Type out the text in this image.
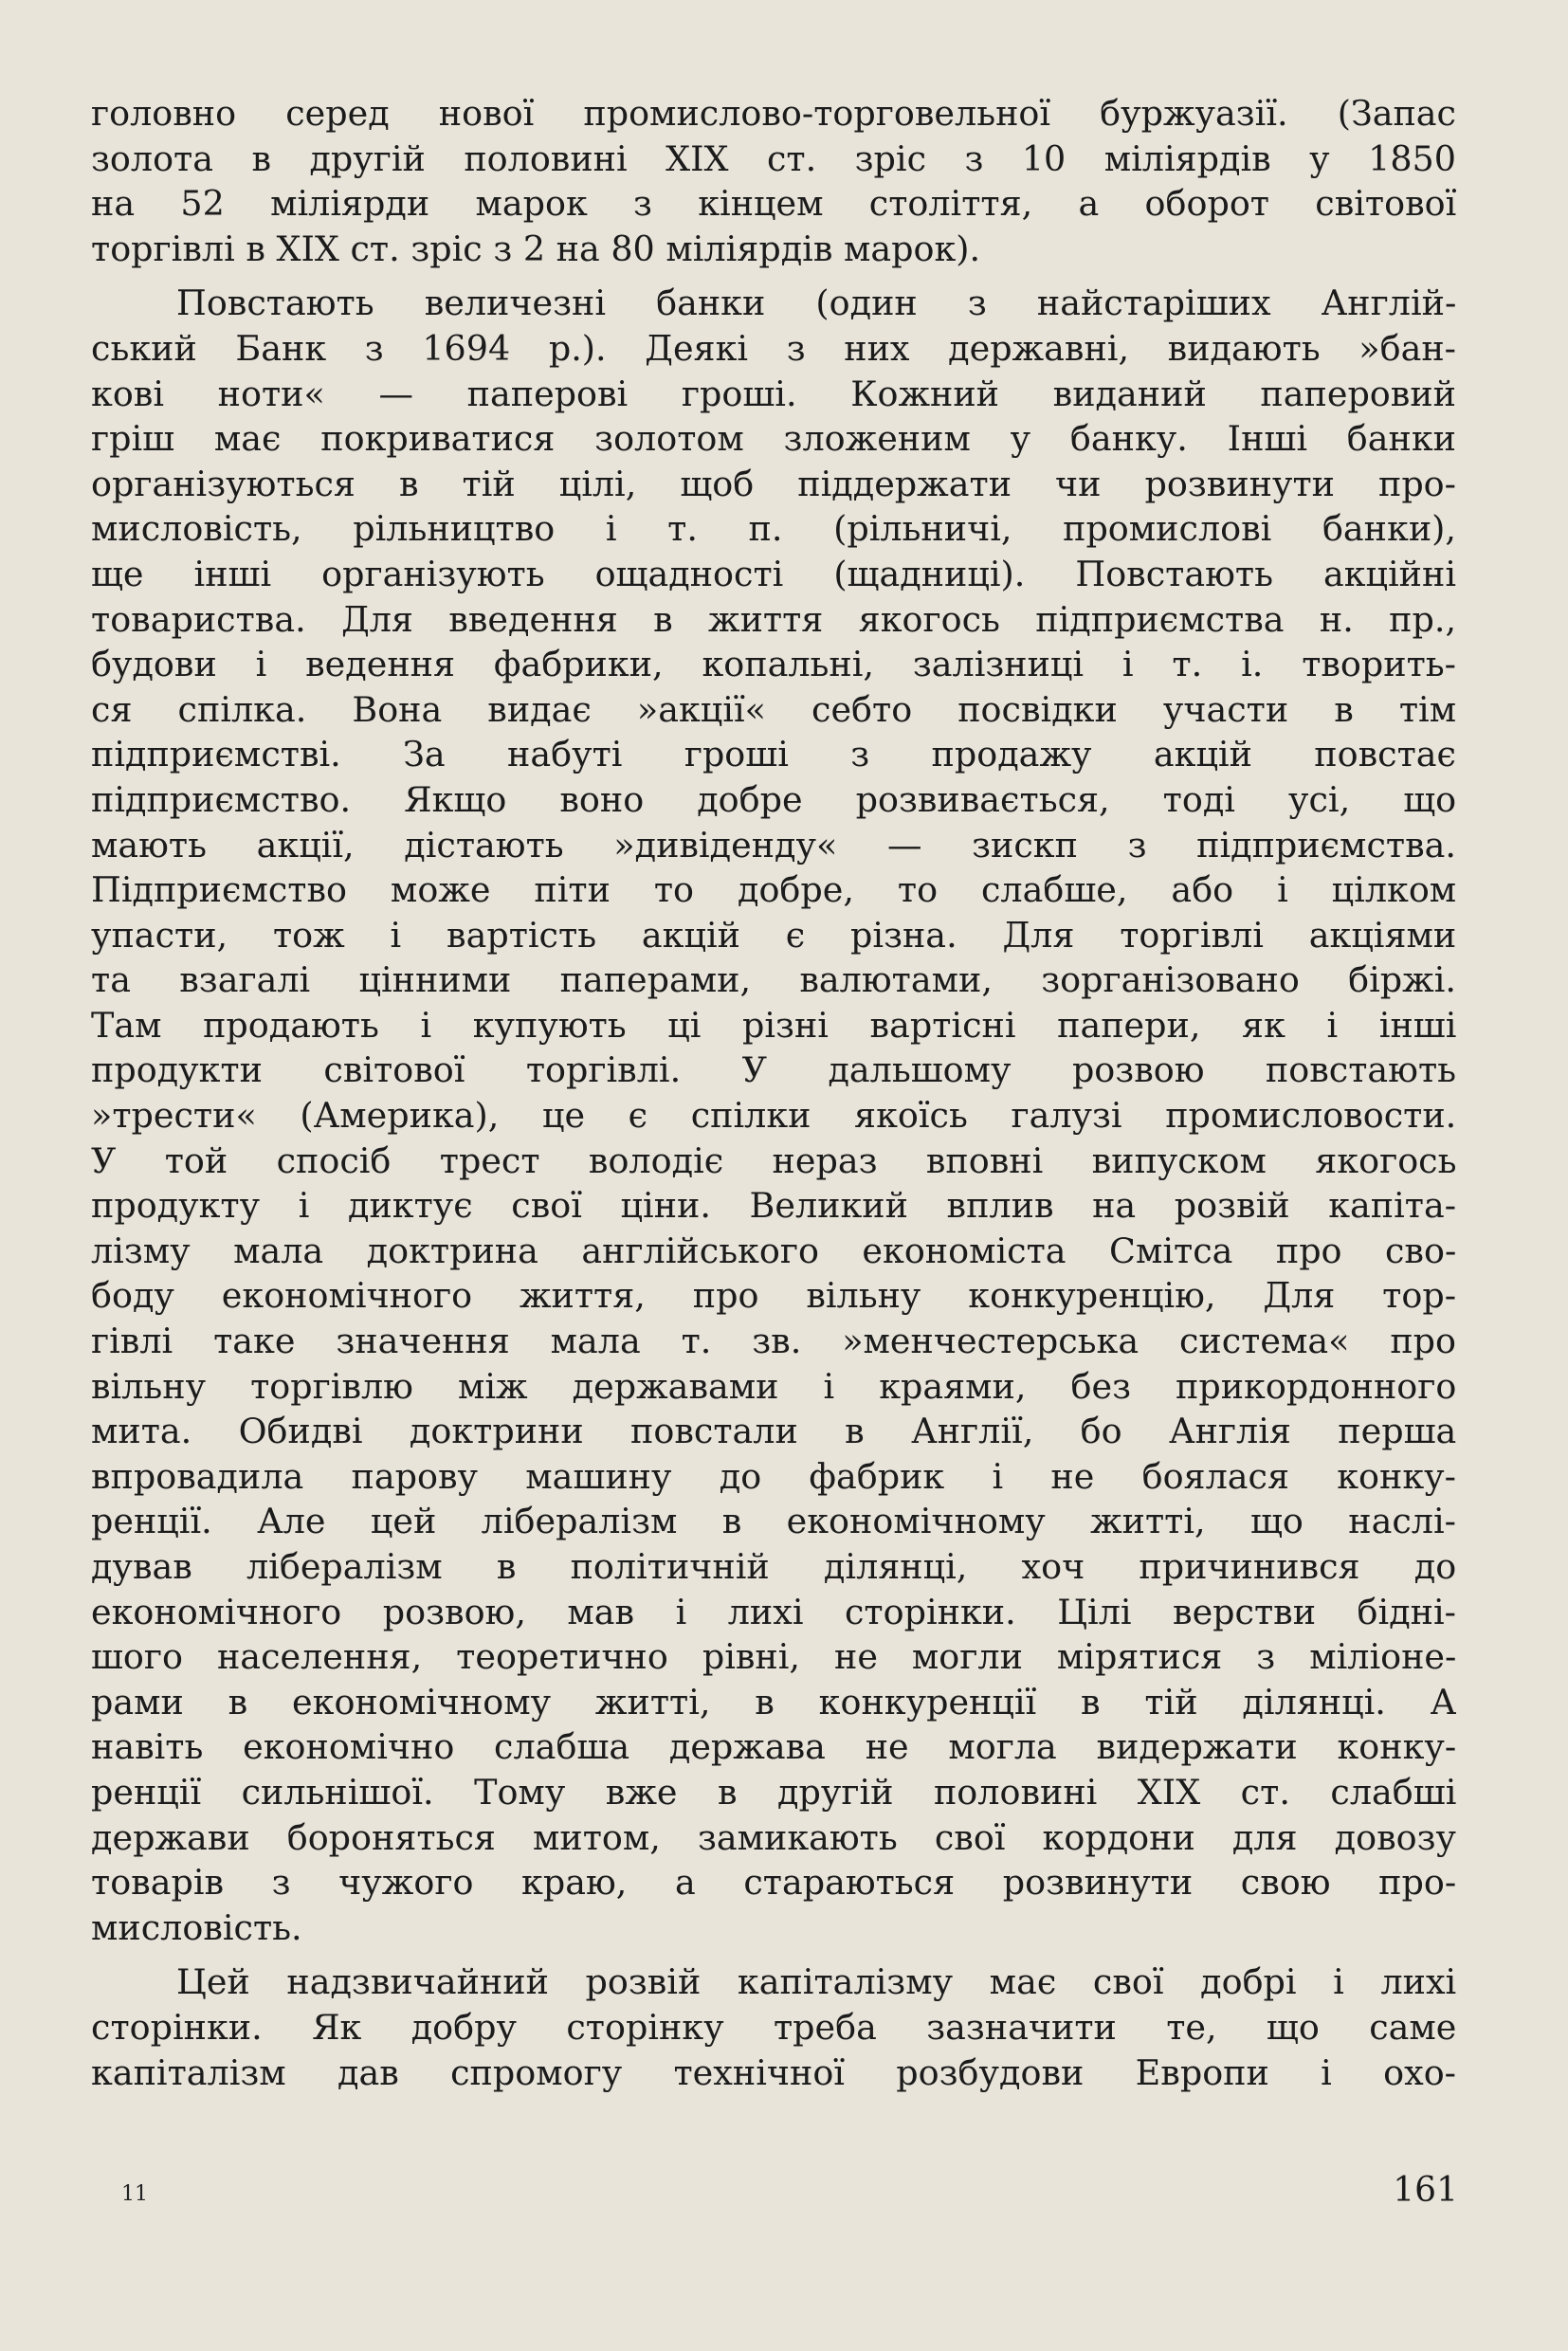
головно серед нової промислово-торговельної буржуазії. (Запас
золота в другій половині XIX ст. зріс з 10 міліярдів у 1850
на 52 міліярди марок з кінцем століття, а оборот світової
торгівлі в XIX ст. зріс з 2 на 80 міліярдів марок).
Повстають величезні банки (один з найстаріших Англій-
ський Банк з 1694 р.). Деякі з них державні, видають »бан-
кові ноти« — паперові гроші. Кожний виданий паперовий
гріш має покриватися золотом зложеним у банку. Інші банки
організуються в тій цілі, щоб піддержати чи розвинути про-
мисловість, рільництво і т. п. (рільничі, промислові банки),
ще інші організують ощадності (щадниці). Повстають акційні
товариства. Для введення в життя якогось підприємства н. пр.,
будови і ведення фабрики, копальні, залізниці і т. і. творить-
ся спілка. Вона видає »акції« себто посвідки участи в тім
підприємстві. За набуті гроші з продажу акцій повстає
підприємство. Якщо воно добре розвивається, тоді усі, що
мають акції, дістають »дивіденду« — зискп з підприємства.
Підприємство може піти то добре, то слабше, або і цілком
упасти, тож і вартість акцій є різна. Для торгівлі акціями
та взагалі цінними паперами, валютами, зорганізовано біржі.
Там продають і купують ці різні вартісні папери, як і інші
продукти світової торгівлі. У дальшому розвою повстають
»трести« (Америка), це є спілки якоїсь галузі промисловости.
У той спосіб трест володіє нераз вповні випуском якогось
продукту і диктує свої ціни. Великий вплив на розвій капіта-
лізму мала доктрина англійського економіста Смітса про сво-
боду економічного життя, про вільну конкуренцію, Для тор-
гівлі таке значення мала т. зв. »менчестерська система« про
вільну торгівлю між державами і краями, без прикордонного
мита. Обидві доктрини повстали в Англії, бо Англія перша
впровадила парову машину до фабрик і не боялася конку-
ренції. Але цей лібералізм в економічному житті, що наслі-
дував лібералізм в політичній ділянці, хоч причинився до
економічного розвою, мав і лихі сторінки. Цілі верстви бідні-
шого населення, теоретично рівні, не могли мірятися з міліоне-
рами в економічному житті, в конкуренції в тій ділянці. А
навіть економічно слабша держава не могла видержати конку-
ренції сильнішої. Тому вже в другій половині XIX ст. слабші
держави бороняться митом, замикають свої кордони для довозу
товарів з чужого краю, а стараються розвинути свою про-
мисловість.
Цей надзвичайний розвій капіталізму має свої добрі і лихі
сторінки. Як добру сторінку треба зазначити те, що саме
капіталізм дав спромогу технічної розбудови Европи і охо-
11	161
